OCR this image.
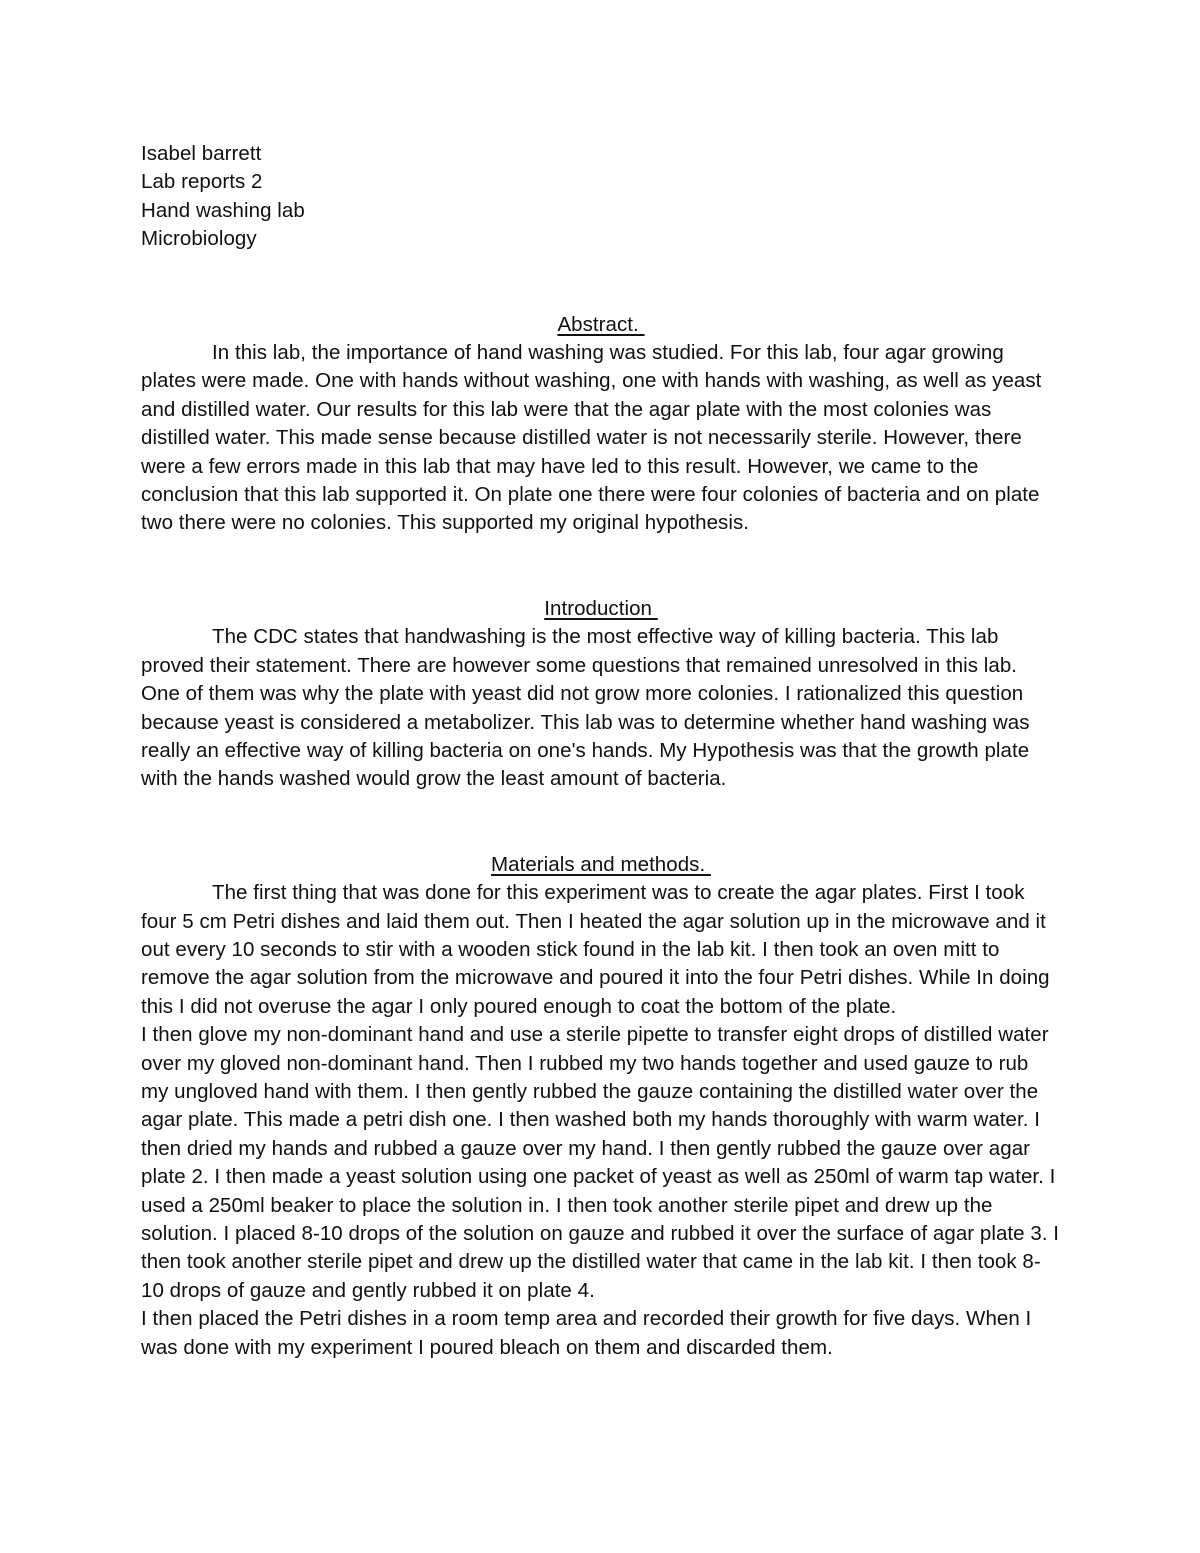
Isabel barrett

Lab reports 2

Hand washing lab

Microbiology

Abstract.

In this lab, the importance of hand washing was studied. For this lab, four agar growing plates were made. One with hands without washing, one with hands with washing, as well as yeast and distilled water. Our results for this lab were that the agar plate with the most colonies was distilled water. This made sense because distilled water is not necessarily sterile. However, there were a few errors made in this lab that may have led to this result. However, we came to the conclusion that this lab supported it. On plate one there were four colonies of bacteria and on plate two there were no colonies. This supported my original hypothesis.

Introduction

The CDC states that handwashing is the most effective way of killing bacteria. This lab proved their statement. There are however some questions that remained unresolved in this lab. One of them was why the plate with yeast did not grow more colonies. I rationalized this question because yeast is considered a metabolizer. This lab was to determine whether hand washing was really an effective way of killing bacteria on one's hands. My Hypothesis was that the growth plate with the hands washed would grow the least amount of bacteria.

Materials and methods.

The first thing that was done for this experiment was to create the agar plates. First I took four 5 cm Petri dishes and laid them out. Then I heated the agar solution up in the microwave and it out every 10 seconds to stir with a wooden stick found in the lab kit. I then took an oven mitt to remove the agar solution from the microwave and poured it into the four Petri dishes. While In doing this I did not overuse the agar I only poured enough to coat the bottom of the plate.

I then glove my non-dominant hand and use a sterile pipette to transfer eight drops of distilled water over my gloved non-dominant hand. Then I rubbed my two hands together and used gauze to rub my ungloved hand with them. I then gently rubbed the gauze containing the distilled water over the agar plate. This made a petri dish one. I then washed both my hands thoroughly with warm water. I then dried my hands and rubbed a gauze over my hand. I then gently rubbed the gauze over agar plate 2. I then made a yeast solution using one packet of yeast as well as 250ml of warm tap water. I used a 250ml beaker to place the solution in. I then took another sterile pipet and drew up the solution. I placed 8-10 drops of the solution on gauze and rubbed it over the surface of agar plate 3. I then took another sterile pipet and drew up the distilled water that came in the lab kit. I then took 8-10 drops of gauze and gently rubbed it on plate 4.

I then placed the Petri dishes in a room temp area and recorded their growth for five days. When I was done with my experiment I poured bleach on them and discarded them.
